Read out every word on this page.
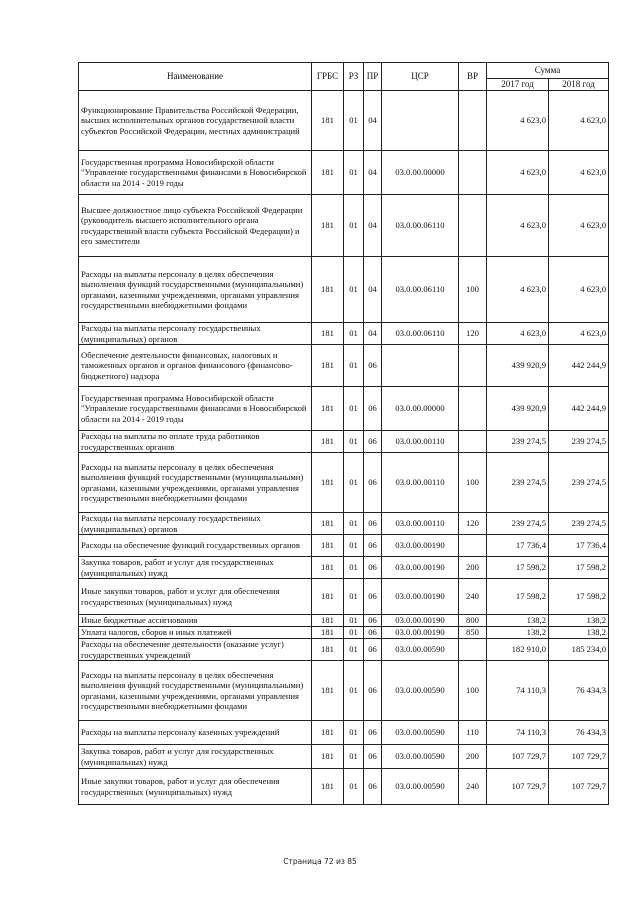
Наименование	ГРБС	РЗ	ПР	ЦСР	ВР	Сумма	
						2017 год	2018 год
Функционирование Правительства Российской Федерации, высших исполнительных органов государственной власти субъектов Российской Федерации, местных администраций	181	01	04			4 623,0	4 623,0
Государственная программа Новосибирской области "Управление государственными финансами в Новосибирской области на 2014 - 2019 годы	181	01	04	03.0.00.00000		4 623,0	4 623,0
Высшее должностное лицо субъекта Российской Федерации (руководитель высшего исполнительного органа государственной власти субъекта Российской Федерации) и его заместители	181	01	04	03.0.00.06110		4 623,0	4 623,0
Расходы на выплаты персоналу в целях обеспечения выполнения функций государственными (муниципальными) органами, казенными учреждениями, органами управления государственными внебюджетными фондами	181	01	04	03.0.00.06110	100	4 623,0	4 623,0
Расходы на выплаты персоналу государственных (муниципальных) органов	181	01	04	03.0.00.06110	120	4 623,0	4 623,0
Обеспечение деятельности финансовых, налоговых и таможенных органов и органов финансового (финансово-бюджетного) надзора	181	01	06			439 920,9	442 244,9
Государственная программа Новосибирской области "Управление государственными финансами в Новосибирской области на 2014 - 2019 годы	181	01	06	03.0.00.00000		439 920,9	442 244,9
Расходы на выплаты по оплате труда работников государственных органов	181	01	06	03.0.00.00110		239 274,5	239 274,5
Расходы на выплаты персоналу в целях обеспечения выполнения функций государственными (муниципальными) органами, казенными учреждениями, органами управления государственными внебюджетными фондами	181	01	06	03.0.00.00110	100	239 274,5	239 274,5
Расходы на выплаты персоналу государственных (муниципальных) органов	181	01	06	03.0.00.00110	120	239 274,5	239 274,5
Расходы на обеспечение функций государственных органов	181	01	06	03.0.00.00190		17 736,4	17 736,4
Закупка товаров, работ и услуг для государственных (муниципальных) нужд	181	01	06	03.0.00.00190	200	17 598,2	17 598,2
Иные закупки товаров, работ и услуг для обеспечения государственных (муниципальных) нужд	181	01	06	03.0.00.00190	240	17 598,2	17 598,2
Иные бюджетные ассигнования	181	01	06	03.0.00.00190	800	138,2	138,2
Уплата налогов, сборов и иных платежей	181	01	06	03.0.00.00190	850	138,2	138,2
Расходы на обеспечение деятельности (оказание услуг) государственных учреждений	181	01	06	03.0.00.00590		182 910,0	185 234,0
Расходы на выплаты персоналу в целях обеспечения выполнения функций государственными (муниципальными) органами, казенными учреждениями, органами управления государственными внебюджетными фондами	181	01	06	03.0.00.00590	100	74 110,3	76 434,3
Расходы на выплаты персоналу казенных учреждений	181	01	06	03.0.00.00590	110	74 110,3	76 434,3
Закупка товаров, работ и услуг для государственных (муниципальных) нужд	181	01	06	03.0.00.00590	200	107 729,7	107 729,7
Иные закупки товаров, работ и услуг для обеспечения государственных (муниципальных) нужд	181	01	06	03.0.00.00590	240	107 729,7	107 729,7
Страница 72 из 85
